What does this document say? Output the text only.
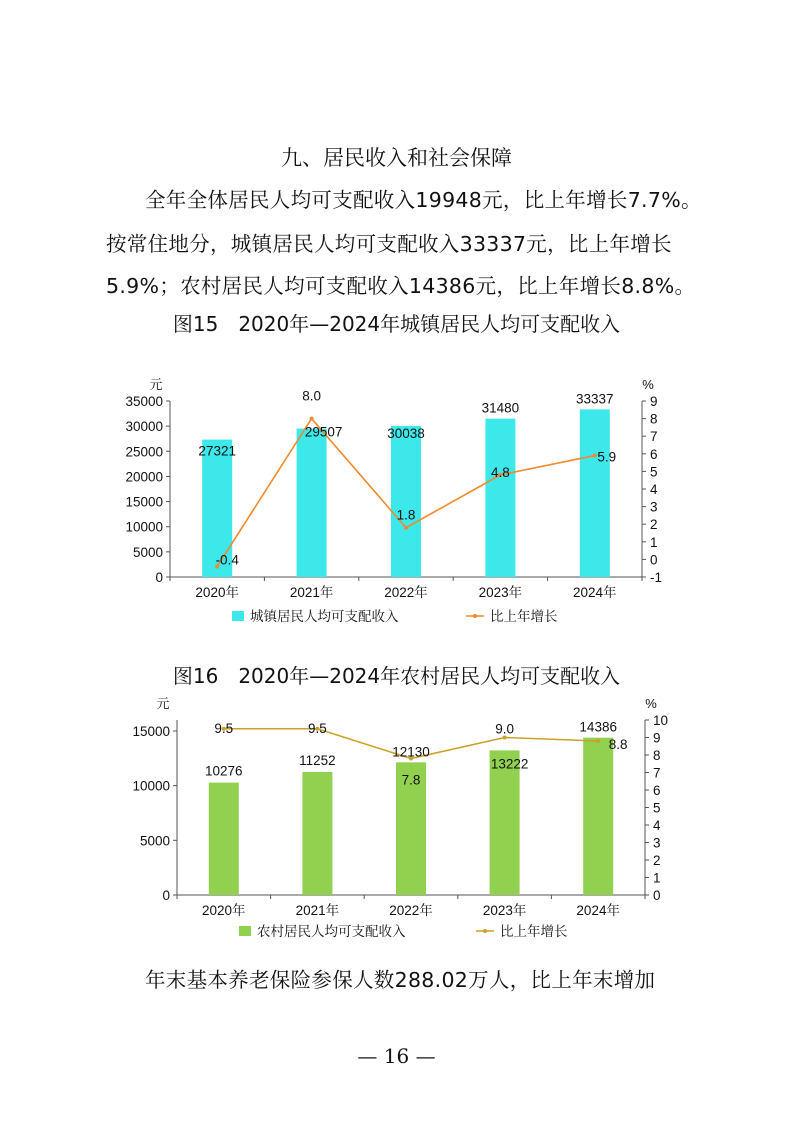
九、居民收入和社会保障
全年全体居民人均可支配收入19948元，比上年增长7.7%。
按常住地分，城镇居民人均可支配收入33337元，比上年增长
5.9%；农村居民人均可支配收入14386元，比上年增长8.8%。
图15　2020年—2024年城镇居民人均可支配收入
元	%
0
5000
10000
15000
20000
25000
30000
35000
-1
0
1
2
3
4
5
6
7
8
9
2020年	2021年	2022年	2023年	2024年
27321
29507	30038
31480
33337
-0.4
8.0
1.8
4.8
5.9
城镇居民人均可支配收入	比上年增长
图16　2020年—2024年农村居民人均可支配收入
元	%
0
5000
10000
15000
0
1
2
3
4
5
6
7
8
9
10
2020年	2021年	2022年	2023年	2024年
10276
11252
12130
13222
14386
9.5	9.5
7.8
9.0
8.8
农村居民人均可支配收入	比上年增长
年末基本养老保险参保人数288.02万人，比上年末增加
— 16 —
